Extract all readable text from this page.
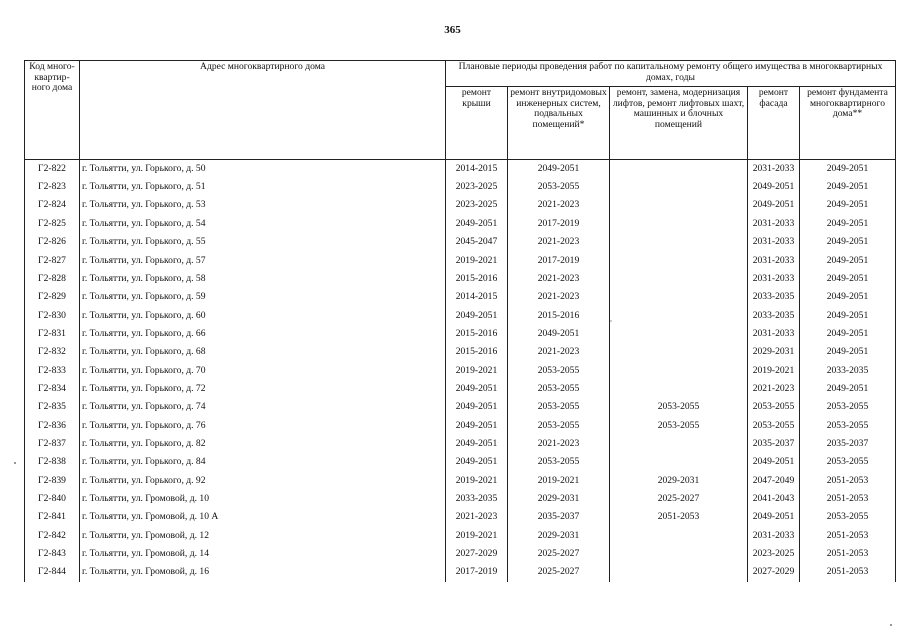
365
Код много-квартир-ного дома	Адрес многоквартирного дома	Плановые периоды проведения работ по капитальному ремонту общего имущества в многоквартирных домах, годы				
		ремонт крыши	ремонт внутридомовых инженерных систем, подвальных помещений*	ремонт, замена, модернизация лифтов, ремонт лифтовых шахт, машинных и блочных помещений	ремонт фасада	ремонт фундамента многоквартирного дома**
Г2-822	г. Тольятти, ул. Горького, д. 50	2014-2015	2049-2051		2031-2033	2049-2051
Г2-823	г. Тольятти, ул. Горького, д. 51	2023-2025	2053-2055		2049-2051	2049-2051
Г2-824	г. Тольятти, ул. Горького, д. 53	2023-2025	2021-2023		2049-2051	2049-2051
Г2-825	г. Тольятти, ул. Горького, д. 54	2049-2051	2017-2019		2031-2033	2049-2051
Г2-826	г. Тольятти, ул. Горького, д. 55	2045-2047	2021-2023		2031-2033	2049-2051
Г2-827	г. Тольятти, ул. Горького, д. 57	2019-2021	2017-2019		2031-2033	2049-2051
Г2-828	г. Тольятти, ул. Горького, д. 58	2015-2016	2021-2023		2031-2033	2049-2051
Г2-829	г. Тольятти, ул. Горького, д. 59	2014-2015	2021-2023		2033-2035	2049-2051
Г2-830	г. Тольятти, ул. Горького, д. 60	2049-2051	2015-2016		2033-2035	2049-2051
Г2-831	г. Тольятти, ул. Горького, д. 66	2015-2016	2049-2051		2031-2033	2049-2051
Г2-832	г. Тольятти, ул. Горького, д. 68	2015-2016	2021-2023		2029-2031	2049-2051
Г2-833	г. Тольятти, ул. Горького, д. 70	2019-2021	2053-2055		2019-2021	2033-2035
Г2-834	г. Тольятти, ул. Горького, д. 72	2049-2051	2053-2055		2021-2023	2049-2051
Г2-835	г. Тольятти, ул. Горького, д. 74	2049-2051	2053-2055	2053-2055	2053-2055	2053-2055
Г2-836	г. Тольятти, ул. Горького, д. 76	2049-2051	2053-2055	2053-2055	2053-2055	2053-2055
Г2-837	г. Тольятти, ул. Горького, д. 82	2049-2051	2021-2023		2035-2037	2035-2037
Г2-838	г. Тольятти, ул. Горького, д. 84	2049-2051	2053-2055		2049-2051	2053-2055
Г2-839	г. Тольятти, ул. Горького, д. 92	2019-2021	2019-2021	2029-2031	2047-2049	2051-2053
Г2-840	г. Тольятти, ул. Громовой, д. 10	2033-2035	2029-2031	2025-2027	2041-2043	2051-2053
Г2-841	г. Тольятти, ул. Громовой, д. 10 А	2021-2023	2035-2037	2051-2053	2049-2051	2053-2055
Г2-842	г. Тольятти, ул. Громовой, д. 12	2019-2021	2029-2031		2031-2033	2051-2053
Г2-843	г. Тольятти, ул. Громовой, д. 14	2027-2029	2025-2027		2023-2025	2051-2053
Г2-844	г. Тольятти, ул. Громовой, д. 16	2017-2019	2025-2027		2027-2029	2051-2053
